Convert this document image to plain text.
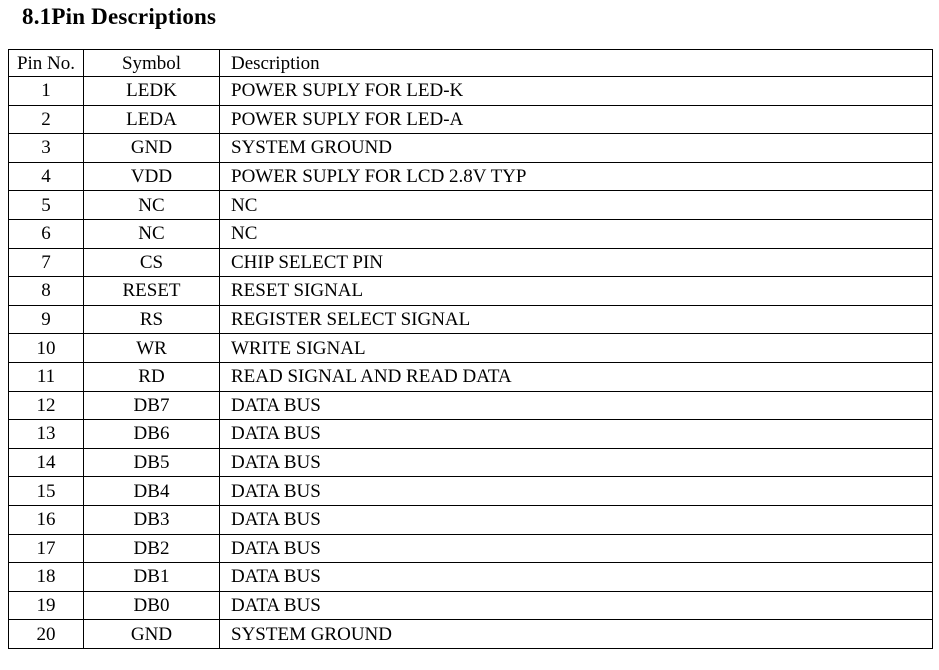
8.1Pin Descriptions
Pin No.	Symbol	Description
1	LEDK	POWER SUPLY FOR LED-K
2	LEDA	POWER SUPLY FOR LED-A
3	GND	SYSTEM GROUND
4	VDD	POWER SUPLY FOR LCD 2.8V TYP
5	NC	NC
6	NC	NC
7	CS	CHIP SELECT PIN
8	RESET	RESET SIGNAL
9	RS	REGISTER SELECT SIGNAL
10	WR	WRITE SIGNAL
11	RD	READ SIGNAL AND READ DATA
12	DB7	DATA BUS
13	DB6	DATA BUS
14	DB5	DATA BUS
15	DB4	DATA BUS
16	DB3	DATA BUS
17	DB2	DATA BUS
18	DB1	DATA BUS
19	DB0	DATA BUS
20	GND	SYSTEM GROUND
